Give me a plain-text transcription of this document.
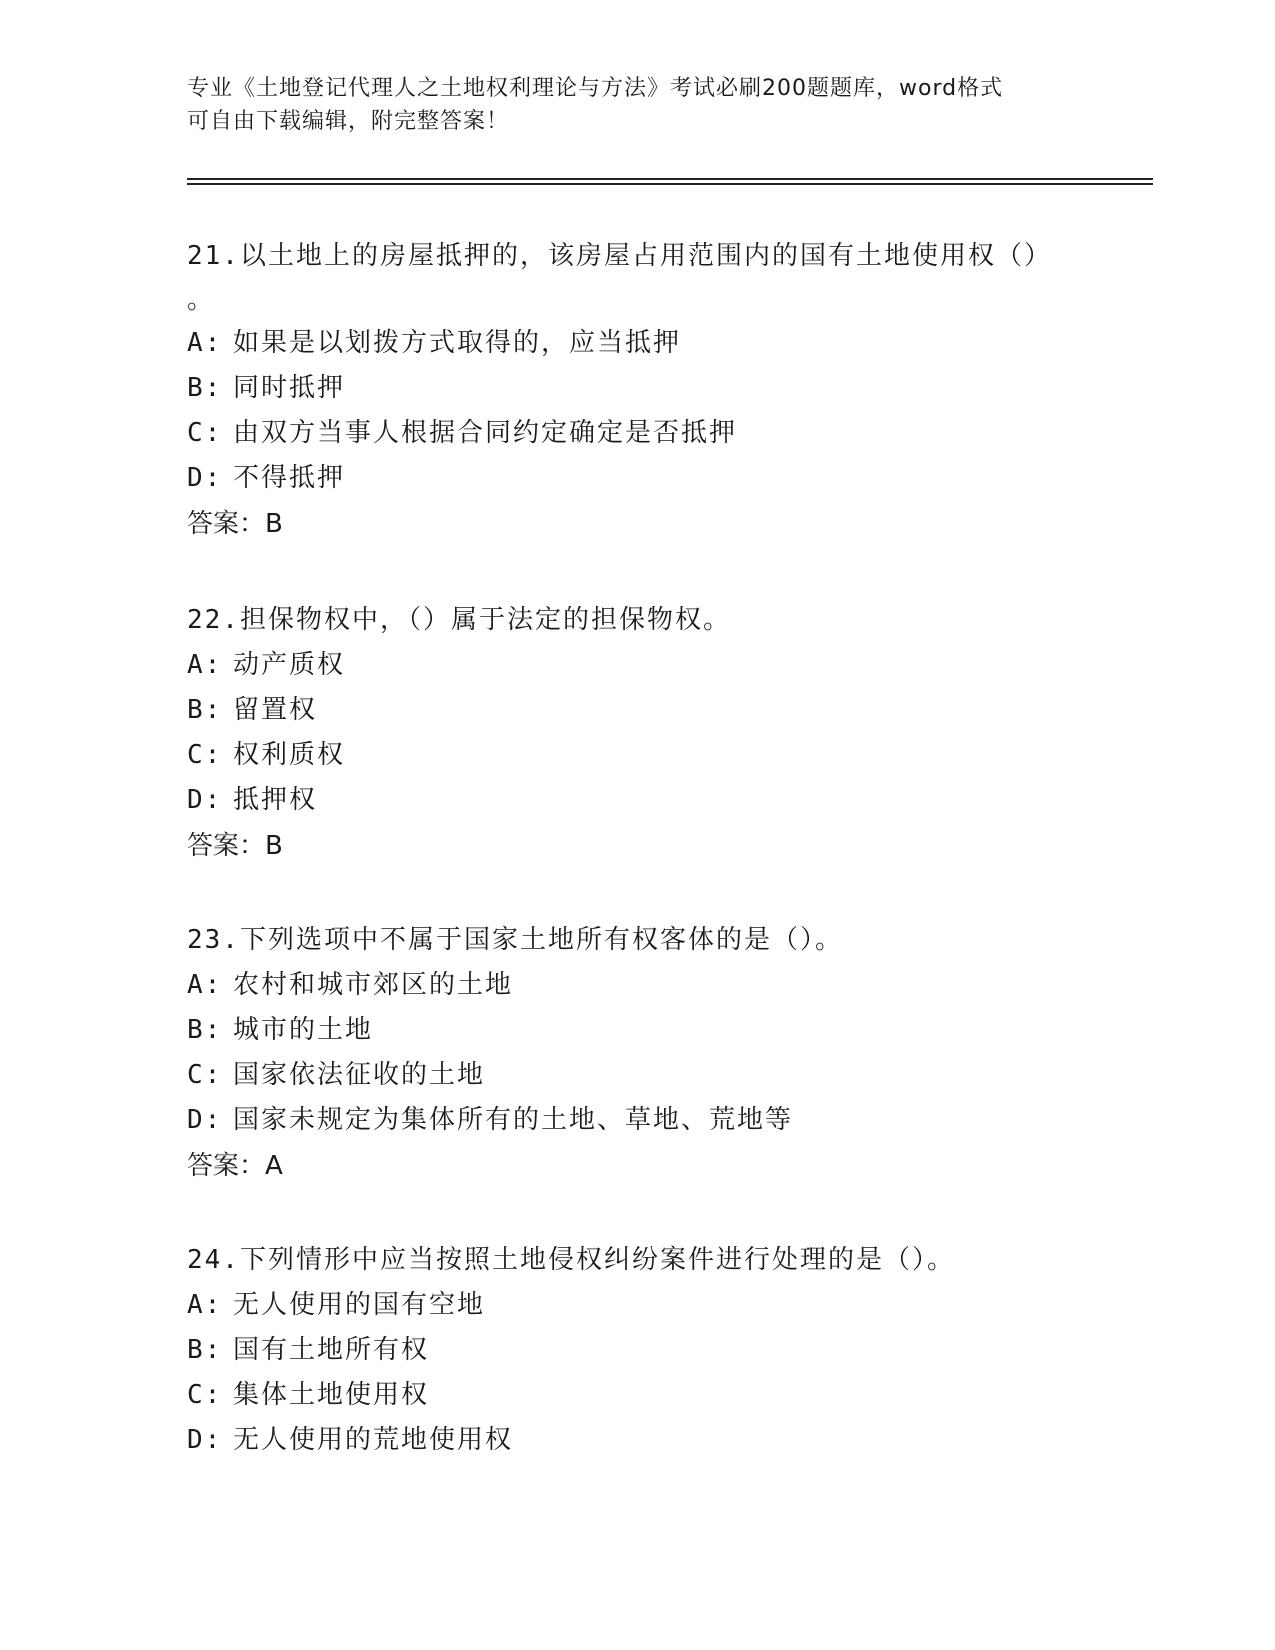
专业《土地登记代理人之土地权利理论与方法》考试必刷200题题库，word格式
可自由下载编辑，附完整答案！
21.以土地上的房屋抵押的，该房屋占用范围内的国有土地使用权（）
。
A: 如果是以划拨方式取得的，应当抵押
B: 同时抵押
C: 由双方当事人根据合同约定确定是否抵押
D: 不得抵押
答案：B
22.担保物权中，（）属于法定的担保物权。
A: 动产质权
B: 留置权
C: 权利质权
D: 抵押权
答案：B
23.下列选项中不属于国家土地所有权客体的是（）。
A: 农村和城市郊区的土地
B: 城市的土地
C: 国家依法征收的土地
D: 国家未规定为集体所有的土地、草地、荒地等
答案：A
24.下列情形中应当按照土地侵权纠纷案件进行处理的是（）。
A: 无人使用的国有空地
B: 国有土地所有权
C: 集体土地使用权
D: 无人使用的荒地使用权
